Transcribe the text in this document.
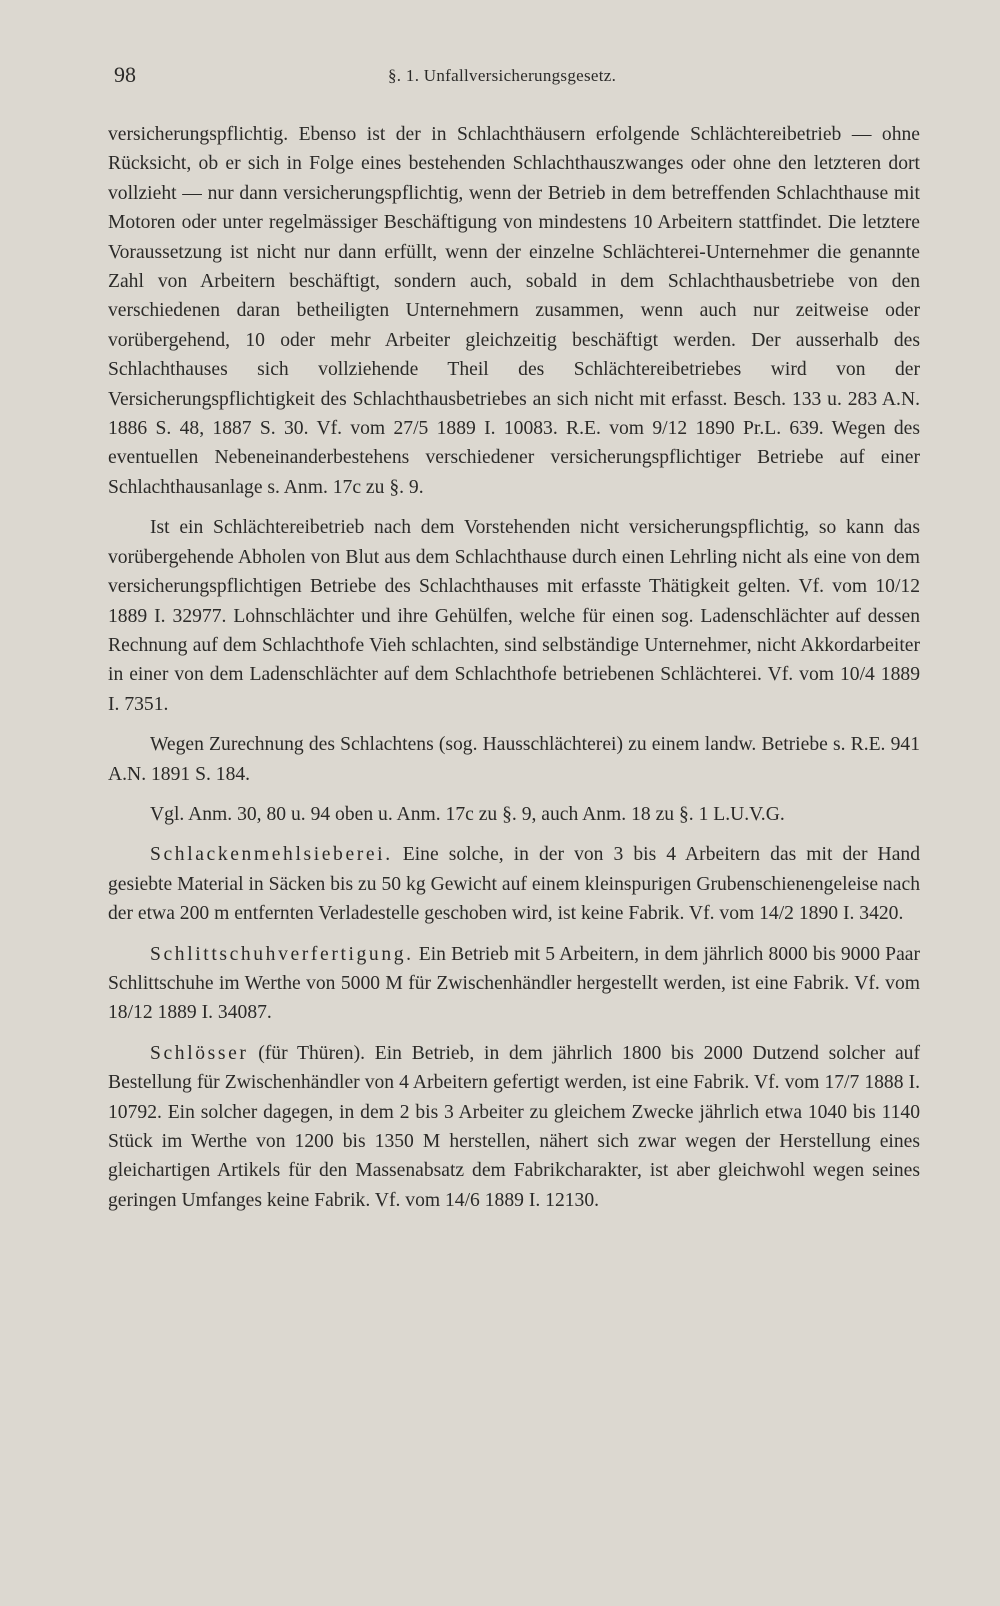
98	§. 1. Unfallversicherungsgesetz.

versicherungspflichtig. Ebenso ist der in Schlachthäusern erfolgende Schlächtereibetrieb — ohne Rücksicht, ob er sich in Folge eines bestehenden Schlachthauszwanges oder ohne den letzteren dort vollzieht — nur dann versicherungspflichtig, wenn der Betrieb in dem betreffenden Schlachthause mit Motoren oder unter regelmässiger Beschäftigung von mindestens 10 Arbeitern stattfindet. Die letztere Voraussetzung ist nicht nur dann erfüllt, wenn der einzelne Schlächterei-Unternehmer die genannte Zahl von Arbeitern beschäftigt, sondern auch, sobald in dem Schlachthausbetriebe von den verschiedenen daran betheiligten Unternehmern zusammen, wenn auch nur zeitweise oder vorübergehend, 10 oder mehr Arbeiter gleichzeitig beschäftigt werden. Der ausserhalb des Schlachthauses sich vollziehende Theil des Schlächtereibetriebes wird von der Versicherungspflichtigkeit des Schlachthausbetriebes an sich nicht mit erfasst. Besch. 133 u. 283 A.N. 1886 S. 48, 1887 S. 30. Vf. vom 27/5 1889 I. 10083. R.E. vom 9/12 1890 Pr.L. 639. Wegen des eventuellen Nebeneinanderbestehens verschiedener versicherungspflichtiger Betriebe auf einer Schlachthausanlage s. Anm. 17c zu §. 9.

Ist ein Schlächtereibetrieb nach dem Vorstehenden nicht versicherungspflichtig, so kann das vorübergehende Abholen von Blut aus dem Schlachthause durch einen Lehrling nicht als eine von dem versicherungspflichtigen Betriebe des Schlachthauses mit erfasste Thätigkeit gelten. Vf. vom 10/12 1889 I. 32977. Lohnschlächter und ihre Gehülfen, welche für einen sog. Ladenschlächter auf dessen Rechnung auf dem Schlachthofe Vieh schlachten, sind selbständige Unternehmer, nicht Akkordarbeiter in einer von dem Ladenschlächter auf dem Schlachthofe betriebenen Schlächterei. Vf. vom 10/4 1889 I. 7351.

Wegen Zurechnung des Schlachtens (sog. Hausschlächterei) zu einem landw. Betriebe s. R.E. 941 A.N. 1891 S. 184.

Vgl. Anm. 30, 80 u. 94 oben u. Anm. 17c zu §. 9, auch Anm. 18 zu §. 1 L.U.V.G.

Schlackenmehlsieberei. Eine solche, in der von 3 bis 4 Arbeitern das mit der Hand gesiebte Material in Säcken bis zu 50 kg Gewicht auf einem kleinspurigen Grubenschienengeleise nach der etwa 200 m entfernten Verladestelle geschoben wird, ist keine Fabrik. Vf. vom 14/2 1890 I. 3420.

Schlittschuhverfertigung. Ein Betrieb mit 5 Arbeitern, in dem jährlich 8000 bis 9000 Paar Schlittschuhe im Werthe von 5000 M für Zwischenhändler hergestellt werden, ist eine Fabrik. Vf. vom 18/12 1889 I. 34087.

Schlösser (für Thüren). Ein Betrieb, in dem jährlich 1800 bis 2000 Dutzend solcher auf Bestellung für Zwischenhändler von 4 Arbeitern gefertigt werden, ist eine Fabrik. Vf. vom 17/7 1888 I. 10792. Ein solcher dagegen, in dem 2 bis 3 Arbeiter zu gleichem Zwecke jährlich etwa 1040 bis 1140 Stück im Werthe von 1200 bis 1350 M herstellen, nähert sich zwar wegen der Herstellung eines gleichartigen Artikels für den Massenabsatz dem Fabrikcharakter, ist aber gleichwohl wegen seines geringen Umfanges keine Fabrik. Vf. vom 14/6 1889 I. 12130.
